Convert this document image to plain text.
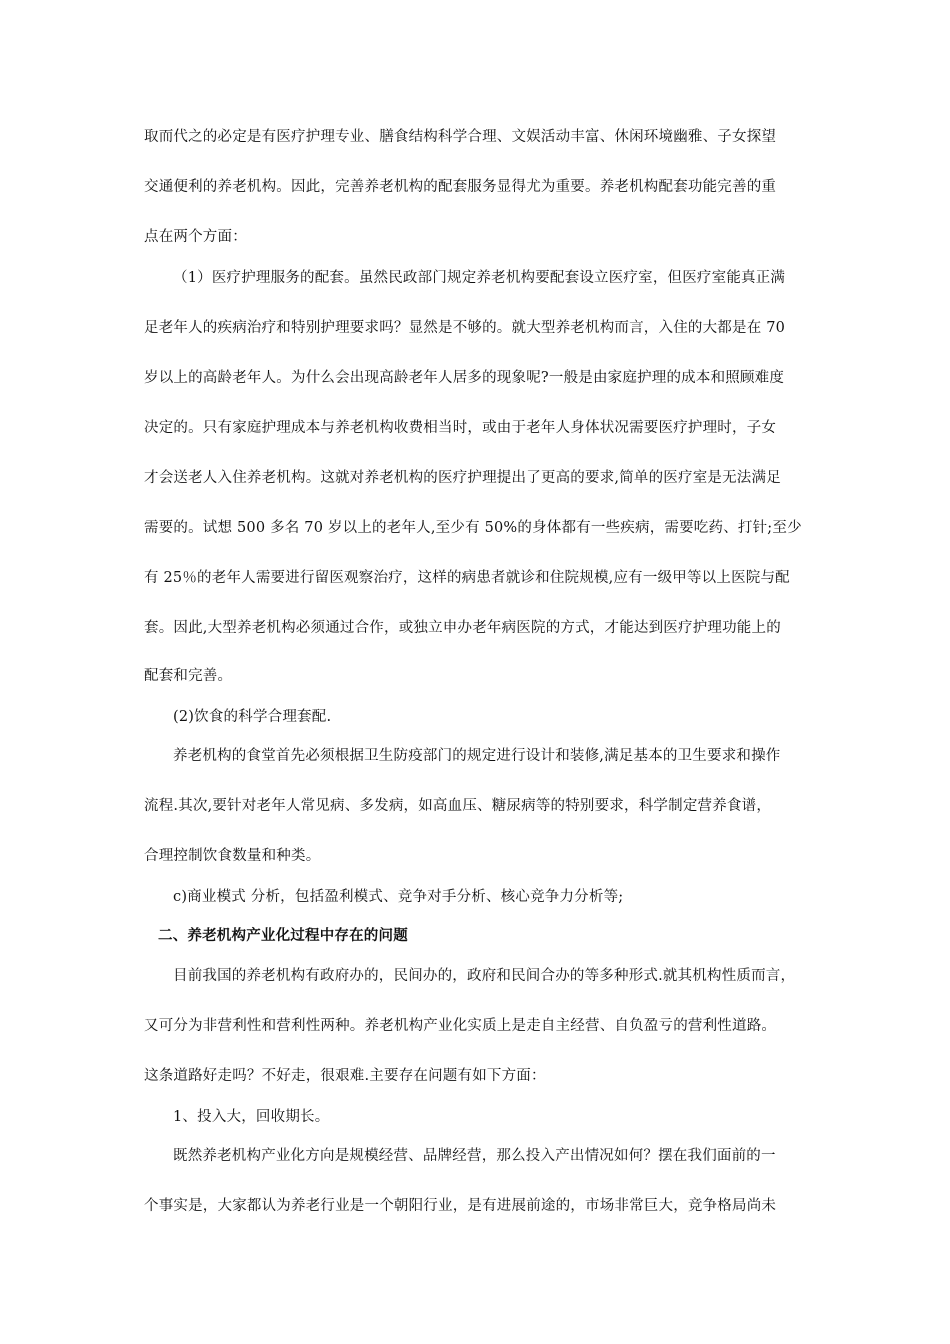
取而代之的必定是有医疗护理专业、膳食结构科学合理、文娱活动丰富、休闲环境幽雅、子女探望
交通便利的养老机构。因此，完善养老机构的配套服务显得尤为重要。养老机构配套功能完善的重
点在两个方面：
（1）医疗护理服务的配套。虽然民政部门规定养老机构要配套设立医疗室，但医疗室能真正满
足老年人的疾病治疗和特别护理要求吗？显然是不够的。就大型养老机构而言，入住的大都是在 70
岁以上的高龄老年人。为什么会出现高龄老年人居多的现象呢?一般是由家庭护理的成本和照顾难度
决定的。只有家庭护理成本与养老机构收费相当时，或由于老年人身体状况需要医疗护理时，子女
才会送老人入住养老机构。这就对养老机构的医疗护理提出了更高的要求,简单的医疗室是无法满足
需要的。试想 500 多名 70 岁以上的老年人,至少有 50%的身体都有一些疾病，需要吃药、打针;至少
有 25％的老年人需要进行留医观察治疗，这样的病患者就诊和住院规模,应有一级甲等以上医院与配
套。因此,大型养老机构必须通过合作，或独立申办老年病医院的方式，才能达到医疗护理功能上的
配套和完善。
(2)饮食的科学合理套配.
养老机构的食堂首先必须根据卫生防疫部门的规定进行设计和装修,满足基本的卫生要求和操作
流程.其次,要针对老年人常见病、多发病，如高血压、糖尿病等的特别要求，科学制定营养食谱，
合理控制饮食数量和种类。
c)商业模式 分析，包括盈利模式、竞争对手分析、核心竞争力分析等;
二、养老机构产业化过程中存在的问题
目前我国的养老机构有政府办的，民间办的，政府和民间合办的等多种形式.就其机构性质而言，
又可分为非营利性和营利性两种。养老机构产业化实质上是走自主经营、自负盈亏的营利性道路。
这条道路好走吗？不好走，很艰难.主要存在问题有如下方面：
1、投入大，回收期长。
既然养老机构产业化方向是规模经营、品牌经营，那么投入产出情况如何？摆在我们面前的一
个事实是，大家都认为养老行业是一个朝阳行业，是有进展前途的，市场非常巨大，竞争格局尚未
